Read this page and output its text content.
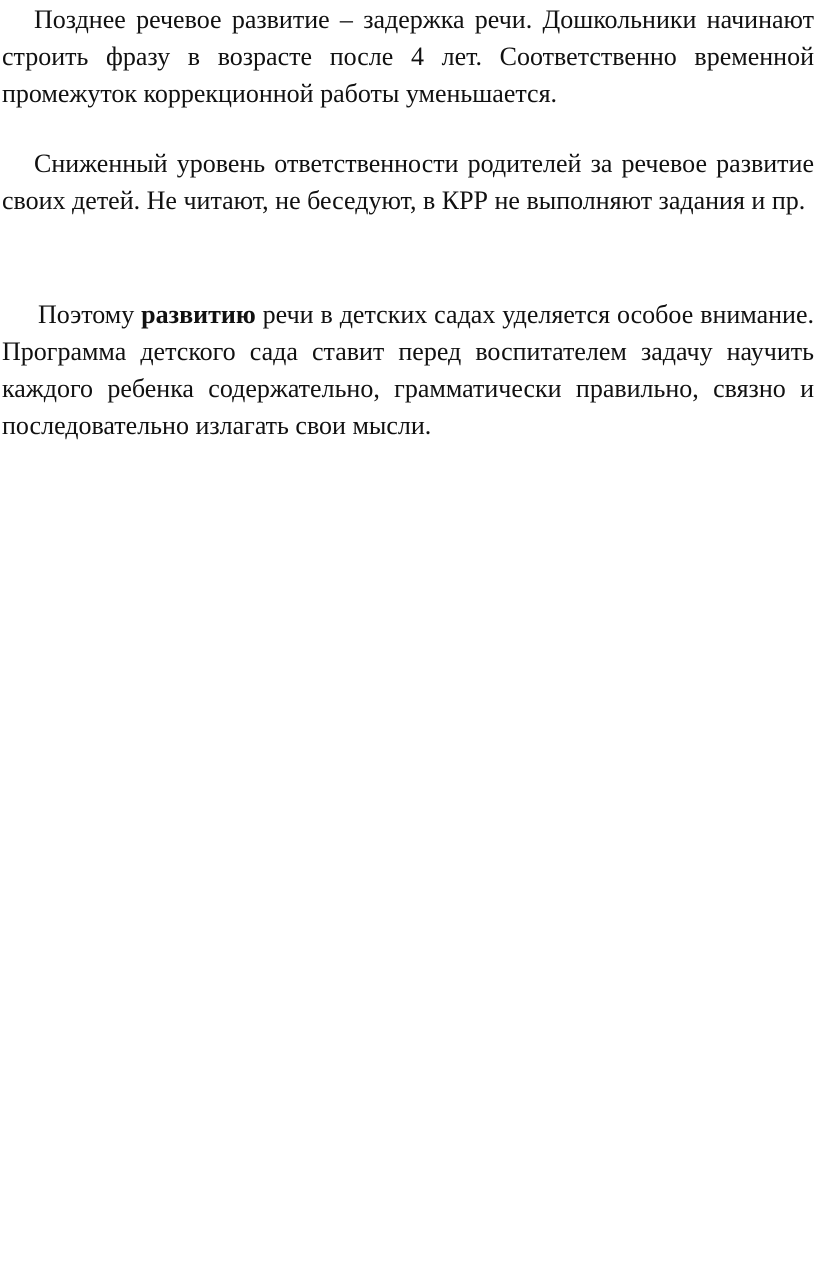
Позднее речевое развитие – задержка речи. Дошкольники начинают строить фразу в возрасте после 4 лет. Соответственно временной промежуток коррекционной работы уменьшается.

Сниженный уровень ответственности родителей за речевое развитие своих детей. Не читают, не беседуют, в КРР не выполняют задания и пр.

Поэтому развитию речи в детских садах уделяется особое внимание. Программа детского сада ставит перед воспитателем задачу научить каждого ребенка содержательно, грамматически правильно, связно и последовательно излагать свои мысли.
